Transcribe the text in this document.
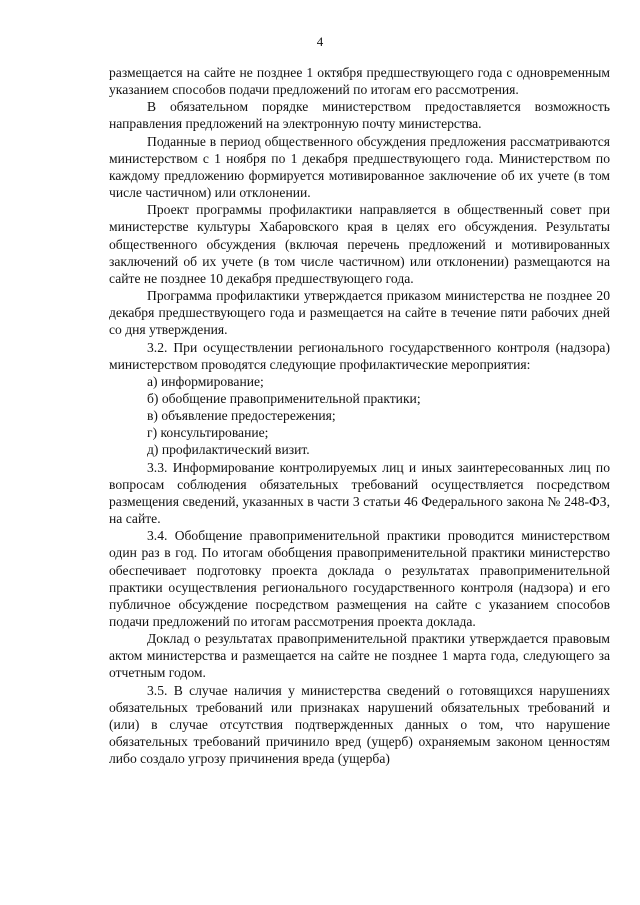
4

размещается на сайте не позднее 1 октября предшествующего года с одновременным указанием способов подачи предложений по итогам его рассмотрения.

В обязательном порядке министерством предоставляется возможность направления предложений на электронную почту министерства.

Поданные в период общественного обсуждения предложения рассматриваются министерством с 1 ноября по 1 декабря предшествующего года. Министерством по каждому предложению формируется мотивированное заключение об их учете (в том числе частичном) или отклонении.

Проект программы профилактики направляется в общественный совет при министерстве культуры Хабаровского края в целях его обсуждения. Результаты общественного обсуждения (включая перечень предложений и мотивированных заключений об их учете (в том числе частичном) или отклонении) размещаются на сайте не позднее 10 декабря предшествующего года.

Программа профилактики утверждается приказом министерства не позднее 20 декабря предшествующего года и размещается на сайте в течение пяти рабочих дней со дня утверждения.

3.2. При осуществлении регионального государственного контроля (надзора) министерством проводятся следующие профилактические мероприятия:

а) информирование;

б) обобщение правоприменительной практики;

в) объявление предостережения;

г) консультирование;

д) профилактический визит.

3.3. Информирование контролируемых лиц и иных заинтересованных лиц по вопросам соблюдения обязательных требований осуществляется посредством размещения сведений, указанных в части 3 статьи 46 Федерального закона № 248-ФЗ, на сайте.

3.4. Обобщение правоприменительной практики проводится министерством один раз в год. По итогам обобщения правоприменительной практики министерство обеспечивает подготовку проекта доклада о результатах правоприменительной практики осуществления регионального государственного контроля (надзора) и его публичное обсуждение посредством размещения на сайте с указанием способов подачи предложений по итогам рассмотрения проекта доклада.

Доклад о результатах правоприменительной практики утверждается правовым актом министерства и размещается на сайте не позднее 1 марта года, следующего за отчетным годом.

3.5. В случае наличия у министерства сведений о готовящихся нарушениях обязательных требований или признаках нарушений обязательных требований и (или) в случае отсутствия подтвержденных данных о том, что нарушение обязательных требований причинило вред (ущерб) охраняемым законом ценностям либо создало угрозу причинения вреда (ущерба)
